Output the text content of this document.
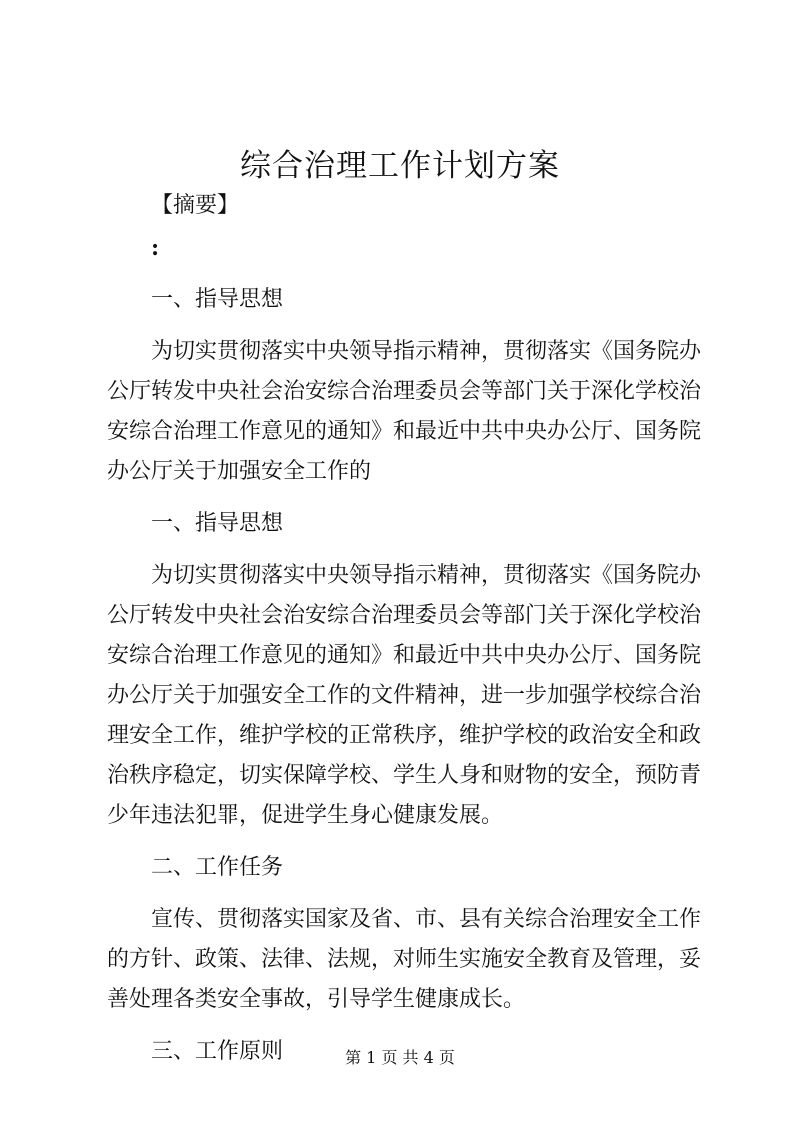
综合治理工作计划方案

【摘要】

:

一、指导思想

为切实贯彻落实中央领导指示精神，贯彻落实《国务院办公厅转发中央社会治安综合治理委员会等部门关于深化学校治安综合治理工作意见的通知》和最近中共中央办公厅、国务院办公厅关于加强安全工作的

一、指导思想

为切实贯彻落实中央领导指示精神，贯彻落实《国务院办公厅转发中央社会治安综合治理委员会等部门关于深化学校治安综合治理工作意见的通知》和最近中共中央办公厅、国务院办公厅关于加强安全工作的文件精神，进一步加强学校综合治理安全工作，维护学校的正常秩序，维护学校的政治安全和政治秩序稳定，切实保障学校、学生人身和财物的安全，预防青少年违法犯罪，促进学生身心健康发展。

二、工作任务

宣传、贯彻落实国家及省、市、县有关综合治理安全工作的方针、政策、法律、法规，对师生实施安全教育及管理，妥善处理各类安全事故，引导学生健康成长。

三、工作原则	第 1 页 共 4 页
